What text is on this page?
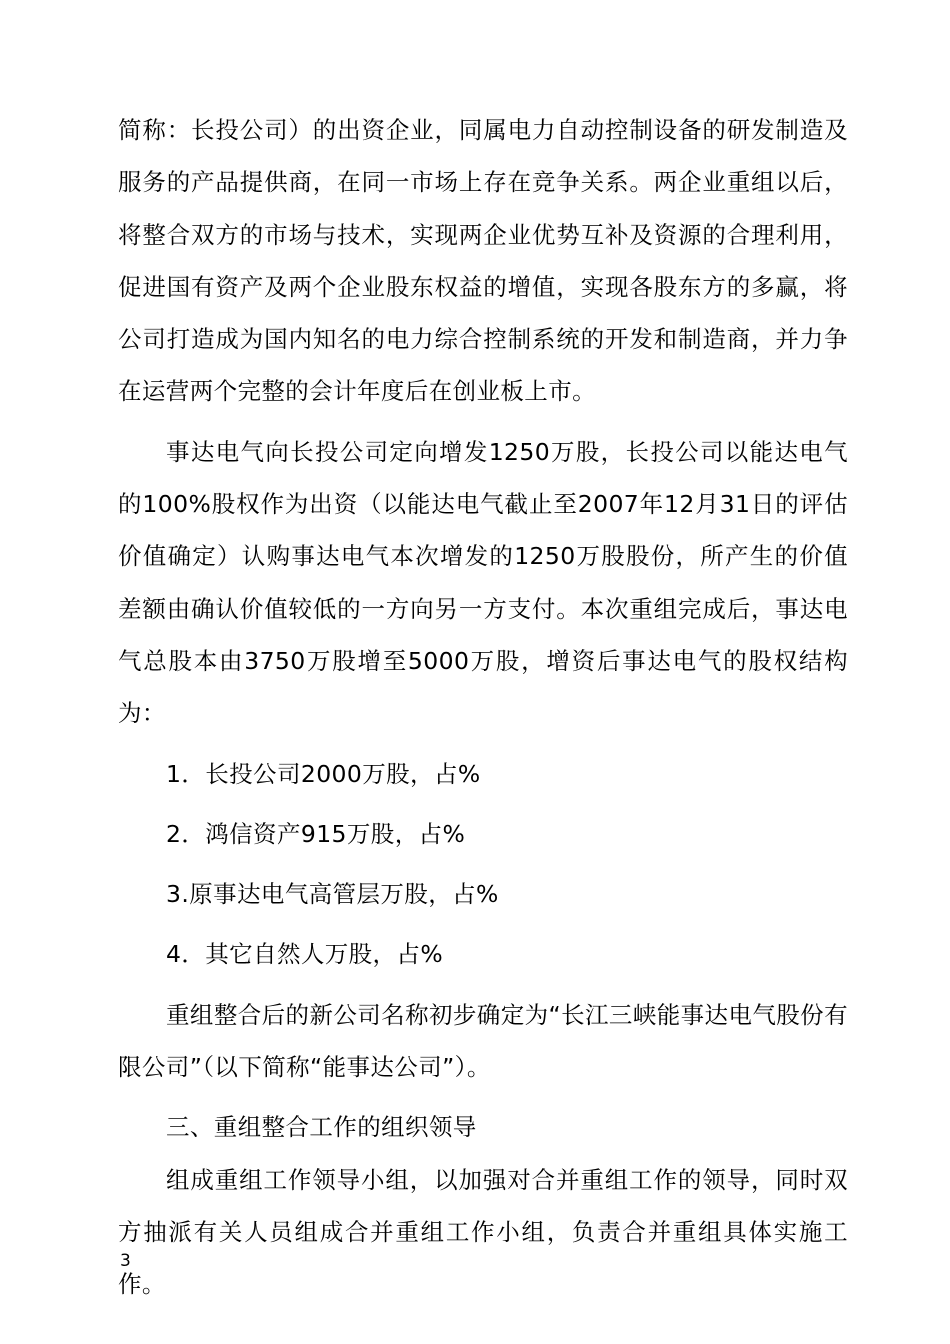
简称：长投公司）的出资企业，同属电力自动控制设备的研发制造及服务的产品提供商，在同一市场上存在竞争关系。两企业重组以后，将整合双方的市场与技术，实现两企业优势互补及资源的合理利用，促进国有资产及两个企业股东权益的增值，实现各股东方的多赢，将公司打造成为国内知名的电力综合控制系统的开发和制造商，并力争在运营两个完整的会计年度后在创业板上市。

事达电气向长投公司定向增发1250万股，长投公司以能达电气的100%股权作为出资（以能达电气截止至2007年12月31日的评估价值确定）认购事达电气本次增发的1250万股股份，所产生的价值差额由确认价值较低的一方向另一方支付。本次重组完成后，事达电气总股本由3750万股增至5000万股，增资后事达电气的股权结构为：

1．长投公司2000万股，占%

2．鸿信资产915万股，占%

3.原事达电气高管层万股，占%

4．其它自然人万股，占%

重组整合后的新公司名称初步确定为“长江三峡能事达电气股份有限公司”（以下简称“能事达公司”）。

三、重组整合工作的组织领导

组成重组工作领导小组，以加强对合并重组工作的领导，同时双方抽派有关人员组成合并重组工作小组，负责合并重组具体实施工作。

3
